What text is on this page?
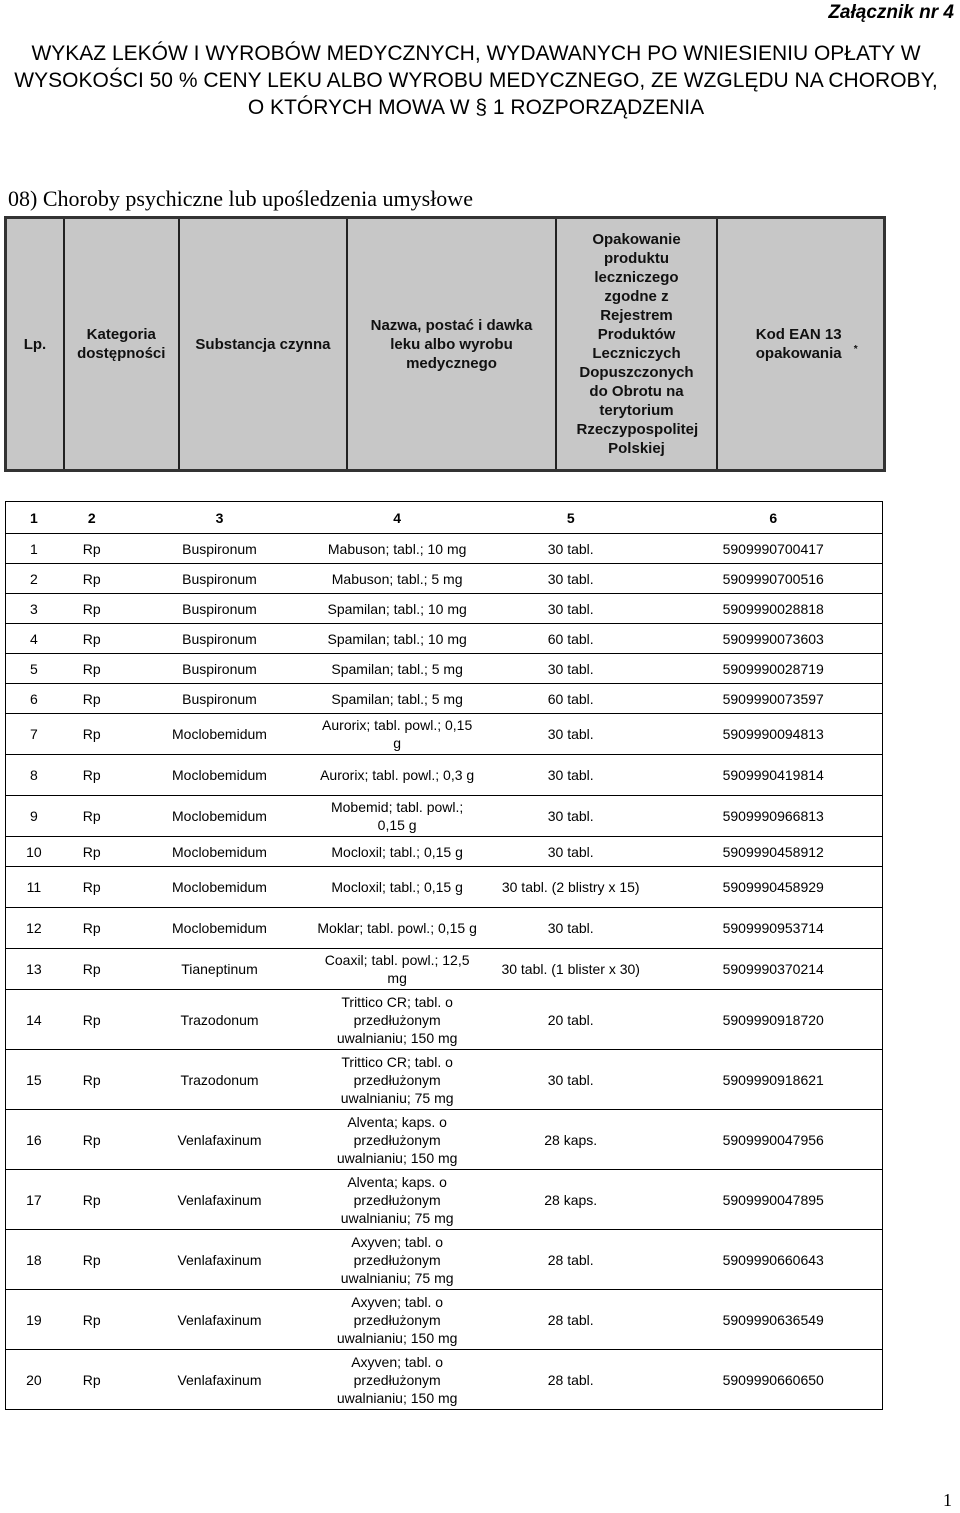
Załącznik nr 4
WYKAZ LEKÓW I WYROBÓW MEDYCZNYCH, WYDAWANYCH PO WNIESIENIU OPŁATY W WYSOKOŚCI 50 % CENY LEKU ALBO WYROBU MEDYCZNEGO, ZE WZGLĘDU NA CHOROBY, O KTÓRYCH MOWA W § 1 ROZPORZĄDZENIA
08) Choroby psychiczne lub upośledzenia umysłowe
Lp.	Kategoria dostępności	Substancja czynna	Nazwa, postać i dawka leku albo wyrobu medycznego	Opakowanie produktu leczniczego zgodne z Rejestrem Produktów Leczniczych Dopuszczonych do Obrotu na terytorium Rzeczypospolitej Polskiej	Kod EAN 13 opakowania *
1	2	3	4	5	6
1	Rp	Buspironum	Mabuson; tabl.; 10 mg	30 tabl.	5909990700417
2	Rp	Buspironum	Mabuson; tabl.; 5 mg	30 tabl.	5909990700516
3	Rp	Buspironum	Spamilan; tabl.; 10 mg	30 tabl.	5909990028818
4	Rp	Buspironum	Spamilan; tabl.; 10 mg	60 tabl.	5909990073603
5	Rp	Buspironum	Spamilan; tabl.; 5 mg	30 tabl.	5909990028719
6	Rp	Buspironum	Spamilan; tabl.; 5 mg	60 tabl.	5909990073597
7	Rp	Moclobemidum	Aurorix; tabl. powl.; 0,15 g	30 tabl.	5909990094813
8	Rp	Moclobemidum	Aurorix; tabl. powl.; 0,3 g	30 tabl.	5909990419814
9	Rp	Moclobemidum	Mobemid; tabl. powl.; 0,15 g	30 tabl.	5909990966813
10	Rp	Moclobemidum	Mocloxil; tabl.; 0,15 g	30 tabl.	5909990458912
11	Rp	Moclobemidum	Mocloxil; tabl.; 0,15 g	30 tabl. (2 blistry x 15)	5909990458929
12	Rp	Moclobemidum	Moklar; tabl. powl.; 0,15 g	30 tabl.	5909990953714
13	Rp	Tianeptinum	Coaxil; tabl. powl.; 12,5 mg	30 tabl. (1 blister x 30)	5909990370214
14	Rp	Trazodonum	Trittico CR; tabl. o przedłużonym uwalnianiu; 150 mg	20 tabl.	5909990918720
15	Rp	Trazodonum	Trittico CR; tabl. o przedłużonym uwalnianiu; 75 mg	30 tabl.	5909990918621
16	Rp	Venlafaxinum	Alventa; kaps. o przedłużonym uwalnianiu; 150 mg	28 kaps.	5909990047956
17	Rp	Venlafaxinum	Alventa; kaps. o przedłużonym uwalnianiu; 75 mg	28 kaps.	5909990047895
18	Rp	Venlafaxinum	Axyven; tabl. o przedłużonym uwalnianiu; 75 mg	28 tabl.	5909990660643
19	Rp	Venlafaxinum	Axyven; tabl. o przedłużonym uwalnianiu; 150 mg	28 tabl.	5909990636549
20	Rp	Venlafaxinum	Axyven; tabl. o przedłużonym uwalnianiu; 150 mg	28 tabl.	5909990660650
1
